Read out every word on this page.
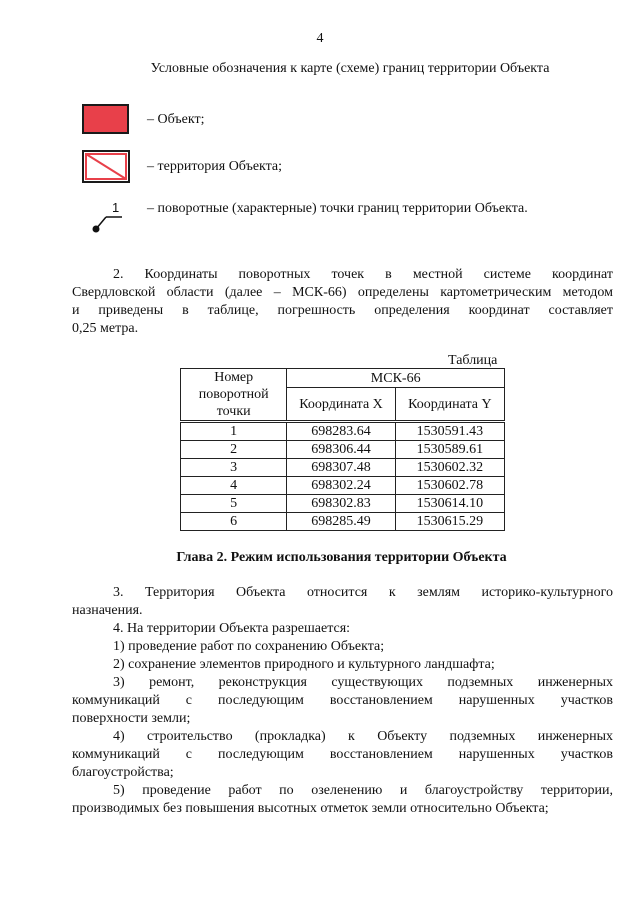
4
Условные обозначения к карте (схеме) границ территории Объекта
– Объект;
– территория Объекта;
1 – поворотные (характерные) точки границ территории Объекта.
2. Координаты поворотных точек в местной системе координат
Свердловской области (далее – МСК-66) определены картометрическим методом
и приведены в таблице, погрешность определения координат составляет
0,25 метра.
Таблица
Номер поворотной точки	МСК-66	
	Координата X	Координата Y
1	698283.64	1530591.43
2	698306.44	1530589.61
3	698307.48	1530602.32
4	698302.24	1530602.78
5	698302.83	1530614.10
6	698285.49	1530615.29
Глава 2. Режим использования территории Объекта
3. Территория Объекта относится к землям историко-культурного
назначения.
4. На территории Объекта разрешается:
1) проведение работ по сохранению Объекта;
2) сохранение элементов природного и культурного ландшафта;
3) ремонт, реконструкция существующих подземных инженерных
коммуникаций с последующим восстановлением нарушенных участков
поверхности земли;
4) строительство (прокладка) к Объекту подземных инженерных
коммуникаций с последующим восстановлением нарушенных участков
благоустройства;
5) проведение работ по озеленению и благоустройству территории,
производимых без повышения высотных отметок земли относительно Объекта;
